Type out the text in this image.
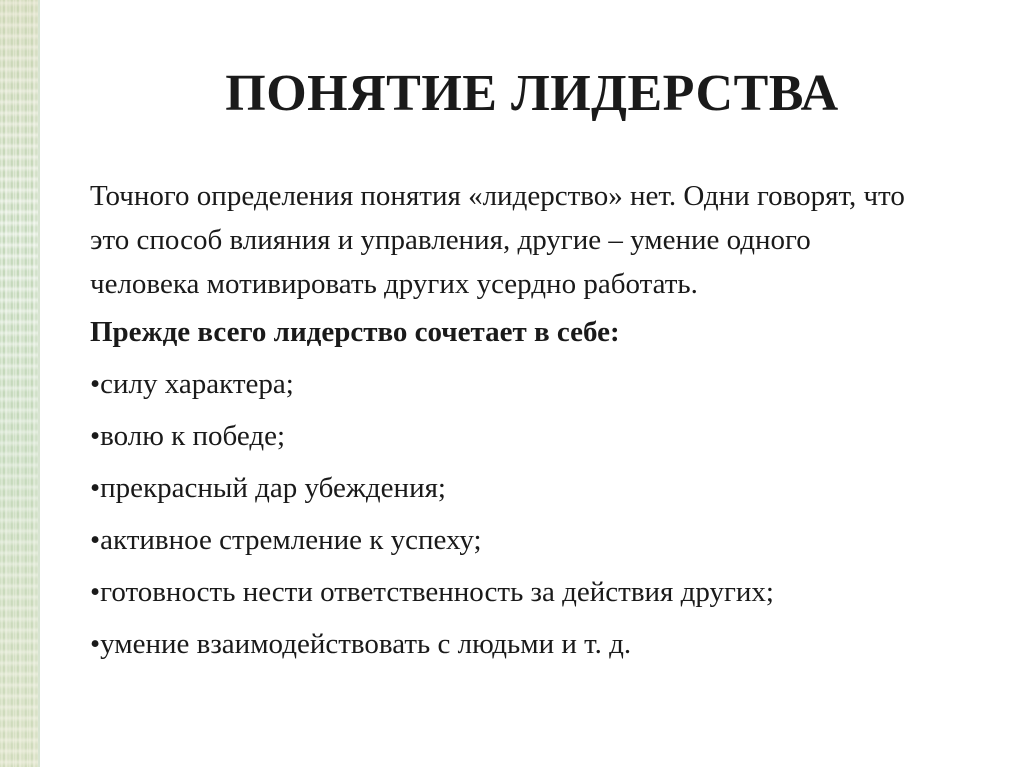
ПОНЯТИЕ ЛИДЕРСТВА

Точного определения понятия «лидерство» нет. Одни говорят, что это способ влияния и управления, другие – умение одного человека мотивировать других усердно работать.

Прежде всего лидерство сочетает в себе:

•силу характера;
•волю к победе;
•прекрасный дар убеждения;
•активное стремление к успеху;
•готовность нести ответственность за действия других;
•умение взаимодействовать с людьми и т. д.
